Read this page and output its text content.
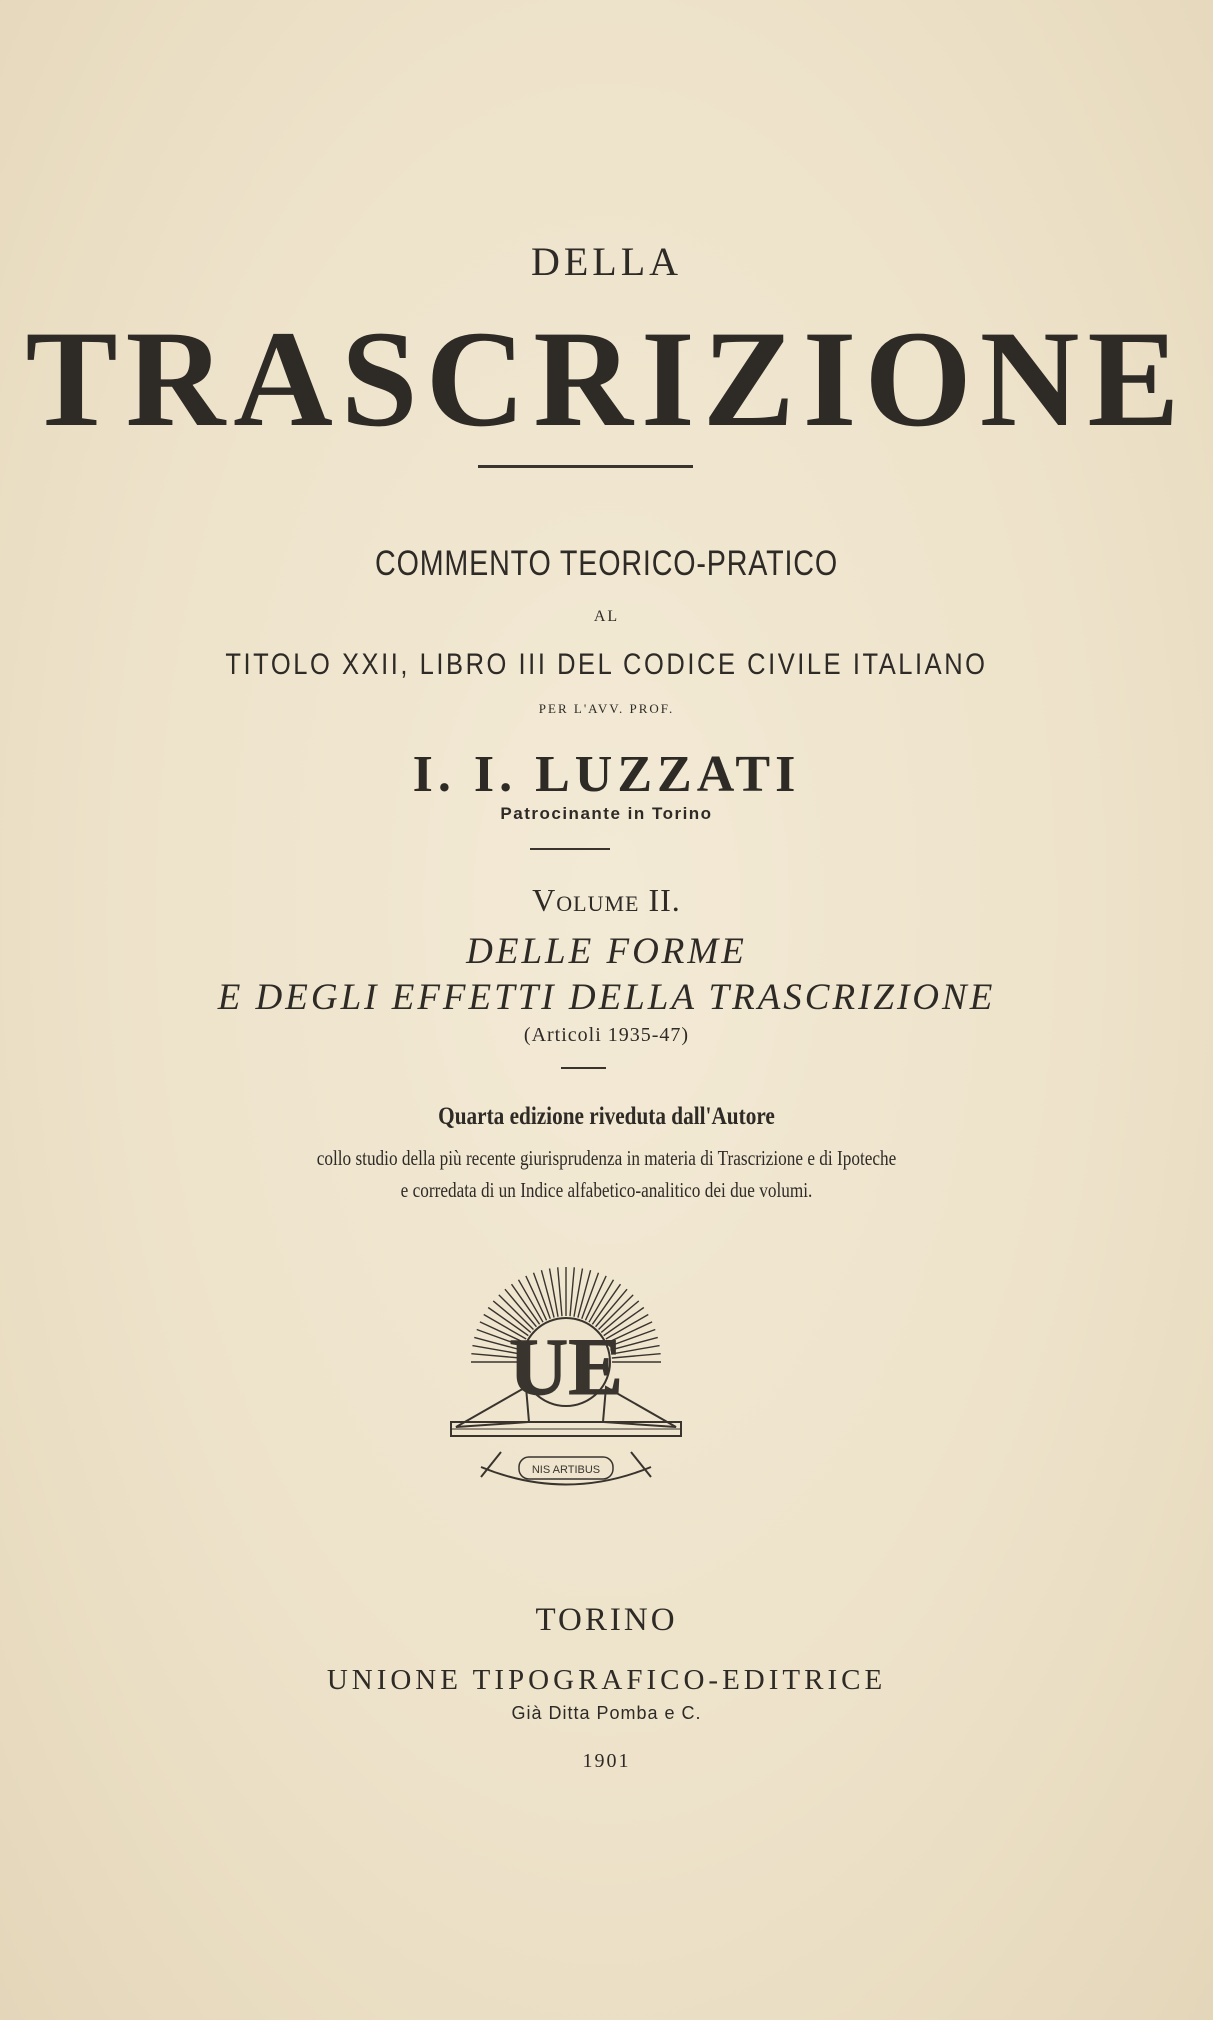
DELLA
TRASCRIZIONE
COMMENTO TEORICO-PRATICO
AL
TITOLO XXII, LIBRO III DEL CODICE CIVILE ITALIANO
PER L'AVV. PROF.
I. I. LUZZATI
Patrocinante in Torino
Volume II.
DELLE FORME
E DEGLI EFFETTI DELLA TRASCRIZIONE
(Articoli 1935-47)
Quarta edizione riveduta dall'Autore
collo studio della più recente giurisprudenza in materia di Trascrizione e di Ipoteche
e corredata di un Indice alfabetico-analitico dei due volumi.
UE
NIS ARTIBUS
TORINO
UNIONE TIPOGRAFICO-EDITRICE
Già Ditta Pomba e C.
1901
